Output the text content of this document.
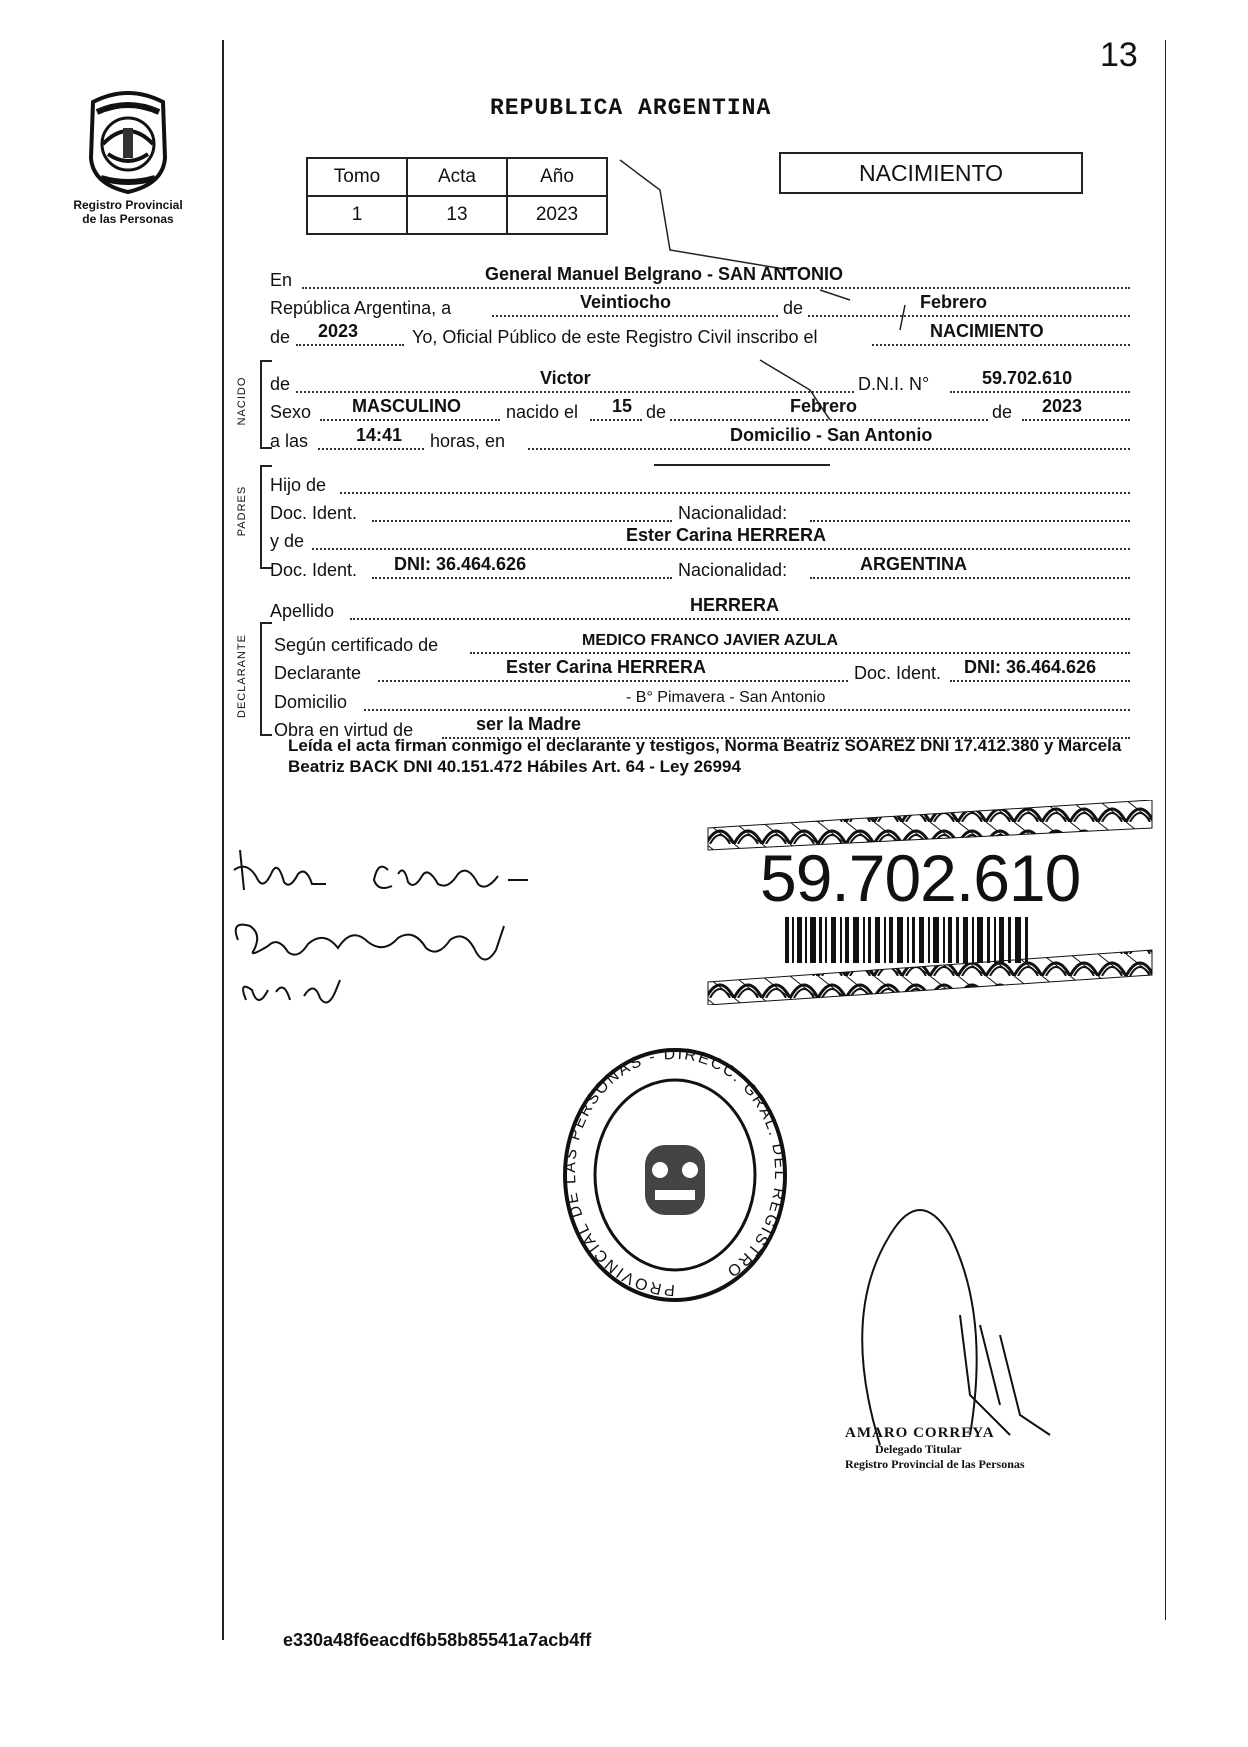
13
Registro Provincial
de las Personas
REPUBLICA ARGENTINA
Tomo	Acta	Año
1	13	2023
NACIMIENTO
En	General Manuel Belgrano - SAN ANTONIO
República Argentina, a	Veintiocho	de	Febrero
de 2023	Yo, Oficial Público de este Registro Civil inscribo el	NACIMIENTO
NACIDO de	Victor	D.N.I. N°	59.702.610
Sexo MASCULINO	nacido el 15 de	Febrero	de 2023
a las	14:41 horas, en	Domicilio - San Antonio
PADRES
Hijo de
Doc. Ident.	Nacionalidad:
y de	Ester Carina HERRERA
Doc. Ident. DNI: 36.464.626	Nacionalidad:	ARGENTINA
Apellido	HERRERA
DECLARANTE Según certificado de	MEDICO FRANCO JAVIER AZULA
Declarante	Ester Carina HERRERA	Doc. Ident. DNI: 36.464.626
Domicilio	- B° Pimavera - San Antonio
Obra en virtud de	ser la Madre
Leída el acta firman conmigo el declarante y testigos, Norma Beatriz SOAREZ DNI 17.412.380 y Marcela Beatriz BACK DNI 40.151.472 Hábiles Art. 64 - Ley 26994
59.702.610
PROVINCIAL DE LAS PERSONAS - DIRECC. GRAL. DEL REGISTRO
AMARO CORREYA
Delegado Titular
Registro Provincial de las Personas
e330a48f6eacdf6b58b85541a7acb4ff
